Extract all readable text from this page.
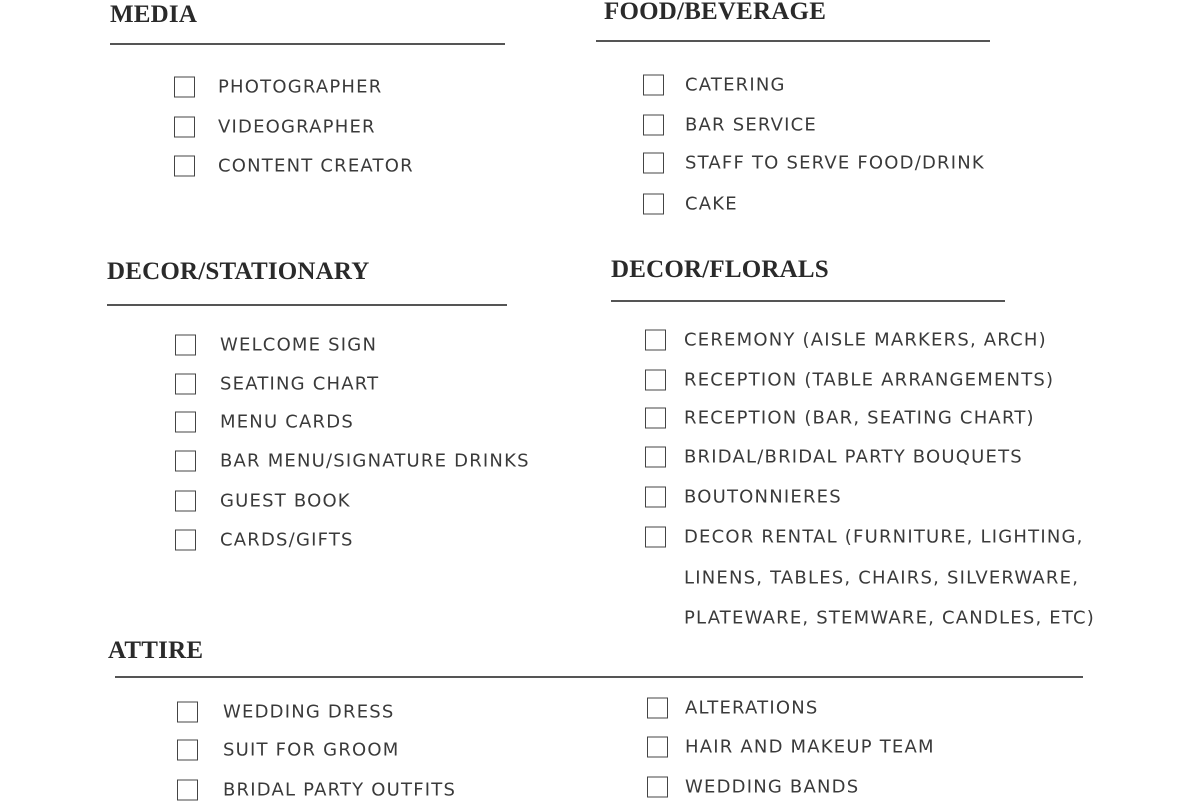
MEDIA	FOOD/BEVERAGE
DECOR/STATIONARY	DECOR/FLORALS
ATTIRE
LINENS, TABLES, CHAIRS, SILVERWARE,
PLATEWARE, STEMWARE, CANDLES, ETC)
PHOTOGRAPHER
VIDEOGRAPHER
CONTENT CREATOR
CATERING
BAR SERVICE
STAFF TO SERVE FOOD/DRINK
CAKE
WELCOME SIGN
SEATING CHART
MENU CARDS
BAR MENU/SIGNATURE DRINKS
GUEST BOOK
CARDS/GIFTS
CEREMONY (AISLE MARKERS, ARCH)
RECEPTION (TABLE ARRANGEMENTS)
RECEPTION (BAR, SEATING CHART)
BRIDAL/BRIDAL PARTY BOUQUETS
BOUTONNIERES
DECOR RENTAL (FURNITURE, LIGHTING,
WEDDING DRESS
SUIT FOR GROOM
BRIDAL PARTY OUTFITS
ALTERATIONS
HAIR AND MAKEUP TEAM
WEDDING BANDS
